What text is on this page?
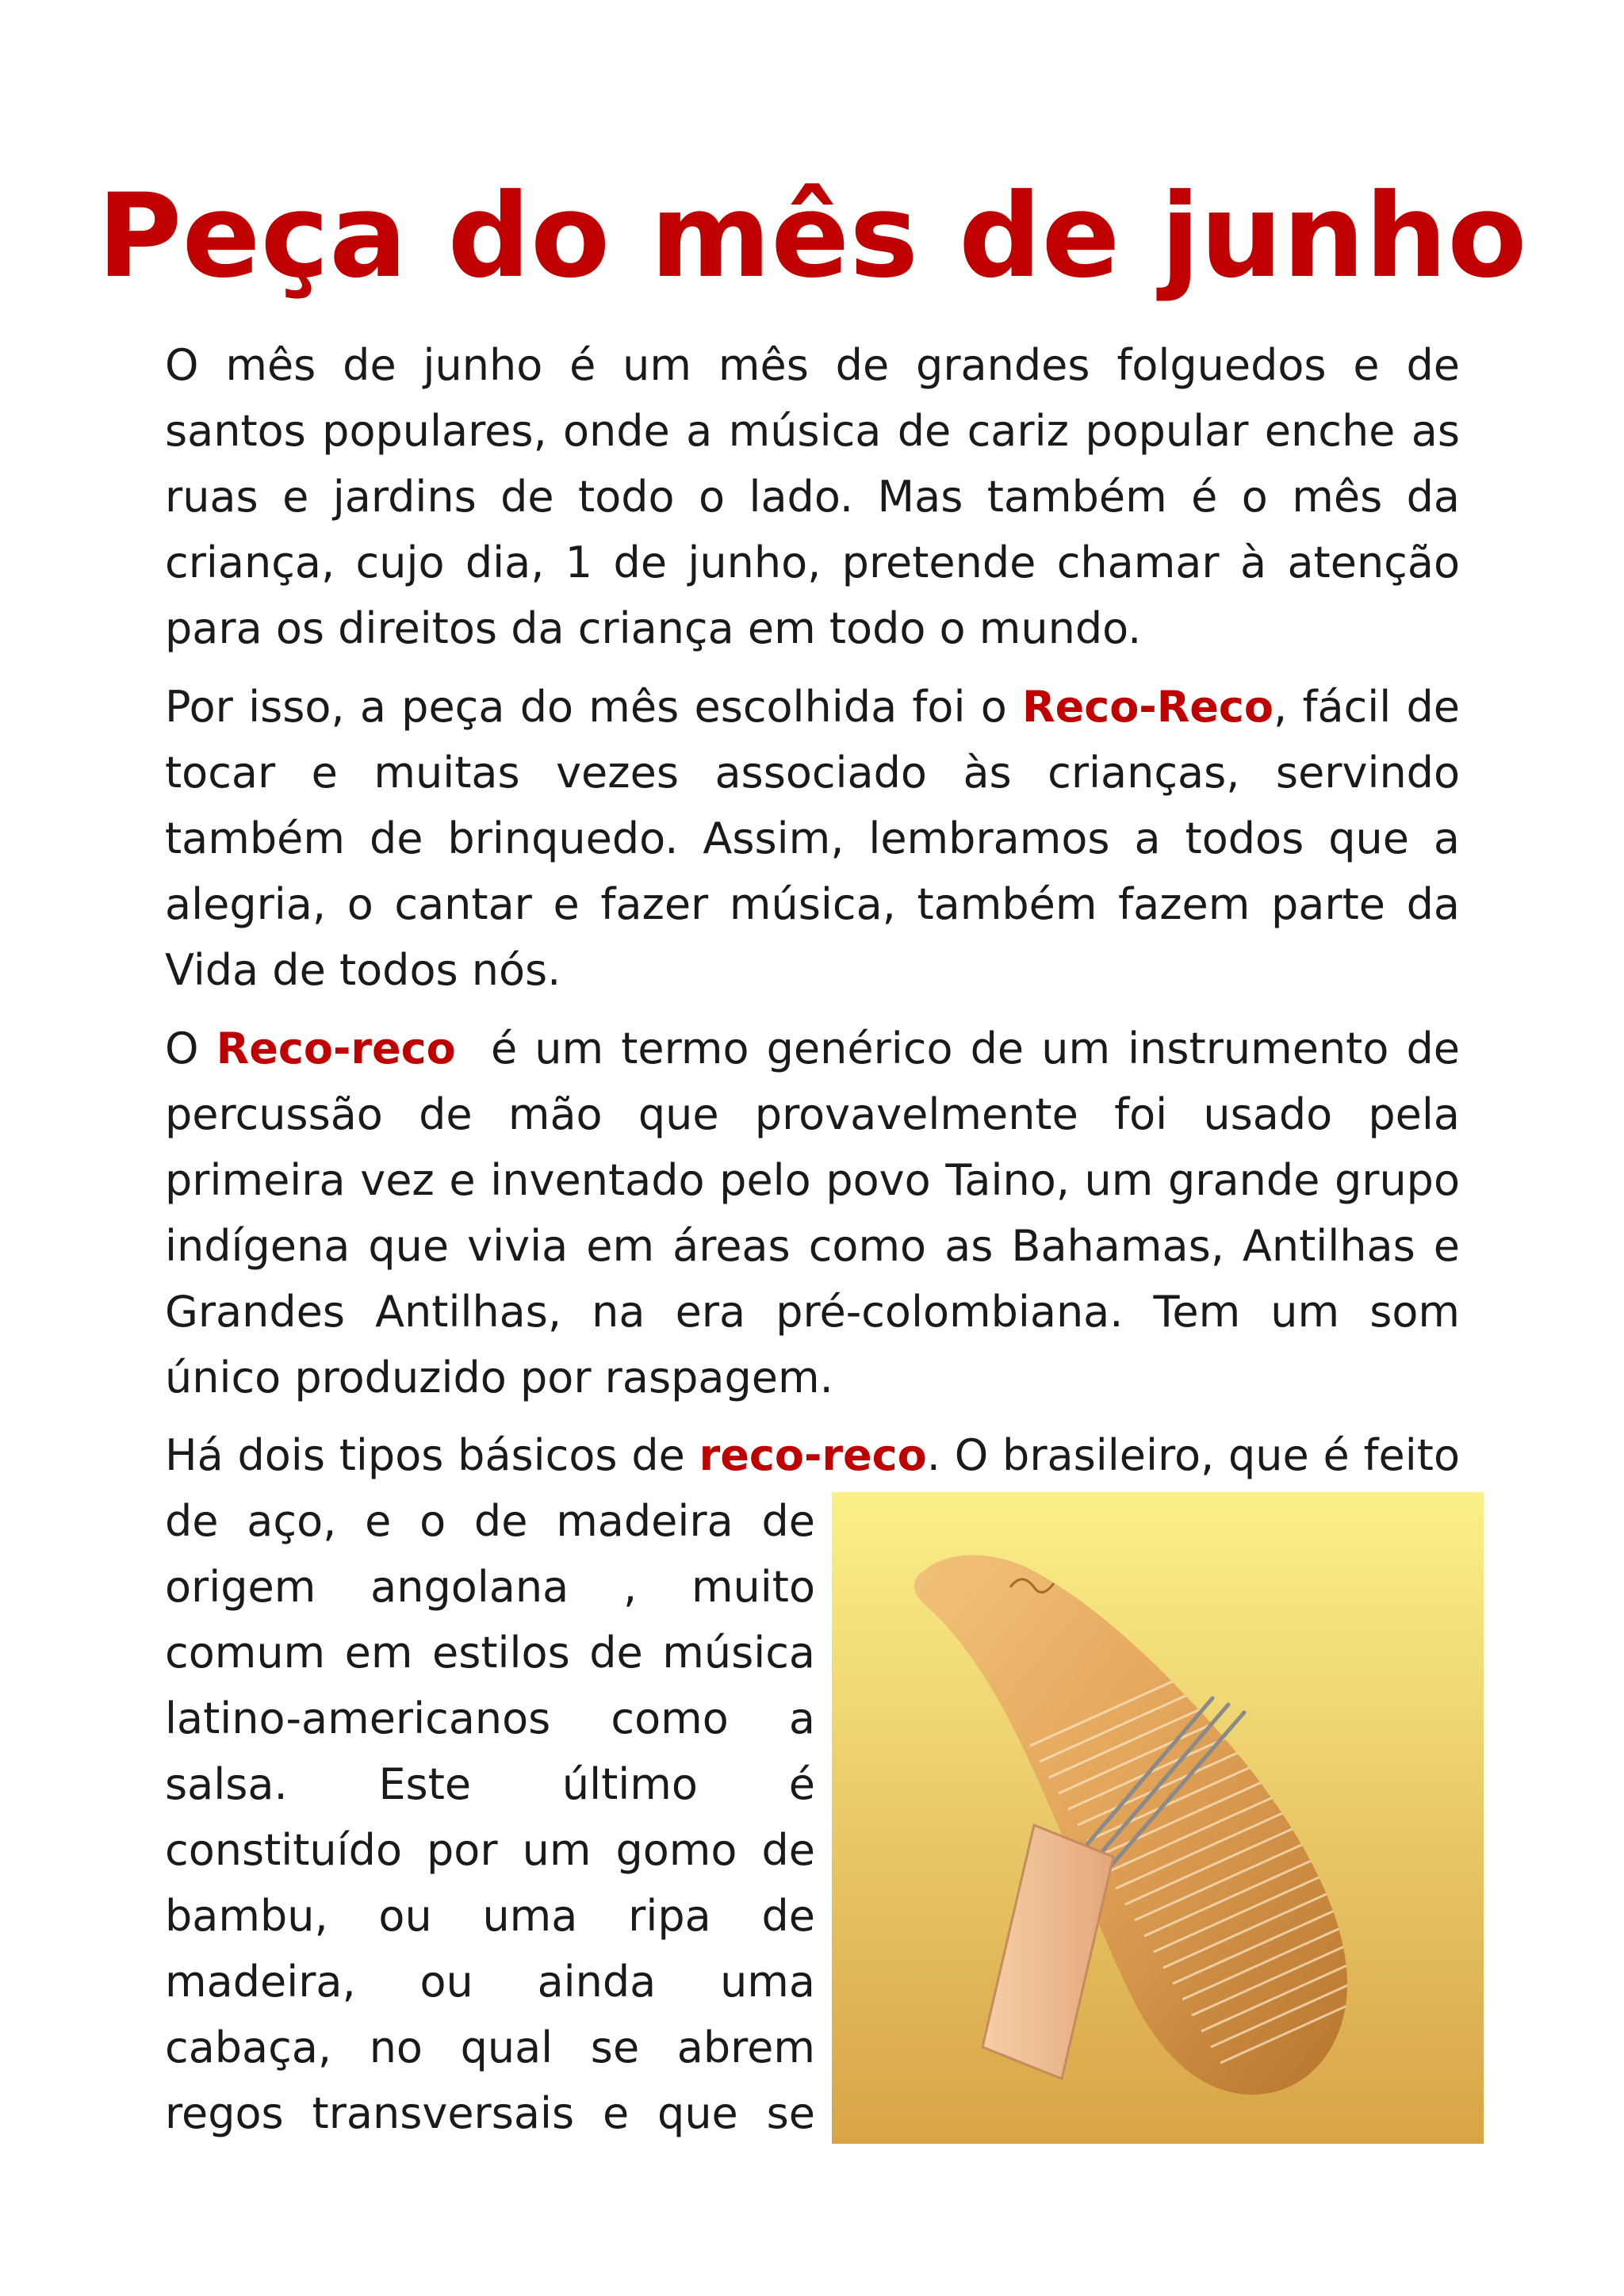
Peça do mês de junho

O mês de junho é um mês de grandes folguedos e de santos populares, onde a música de cariz popular enche as ruas e jardins de todo o lado. Mas também é o mês da criança, cujo dia, 1 de junho, pretende chamar à atenção para os direitos da criança em todo o mundo.

Por isso, a peça do mês escolhida foi o Reco-Reco, fácil de tocar e muitas vezes associado às crianças, servindo também de brinquedo. Assim, lembramos a todos que a alegria, o cantar e fazer música, também fazem parte da Vida de todos nós.

O Reco-reco  é um termo genérico de um instrumento de percussão de mão que provavelmente foi usado pela primeira vez e inventado pelo povo Taino, um grande grupo indígena que vivia em áreas como as Bahamas, Antilhas e Grandes Antilhas, na era pré-colombiana. Tem um som único produzido por raspagem.

Há dois tipos básicos de reco-reco. O brasileiro, que é feito

de aço, e o de madeira de origem angolana , muito comum em estilos de música latino-americanos como a salsa. Este último é constituído por um gomo de bambu, ou uma ripa de madeira, ou ainda uma cabaça, no qual se abrem regos transversais e que se
